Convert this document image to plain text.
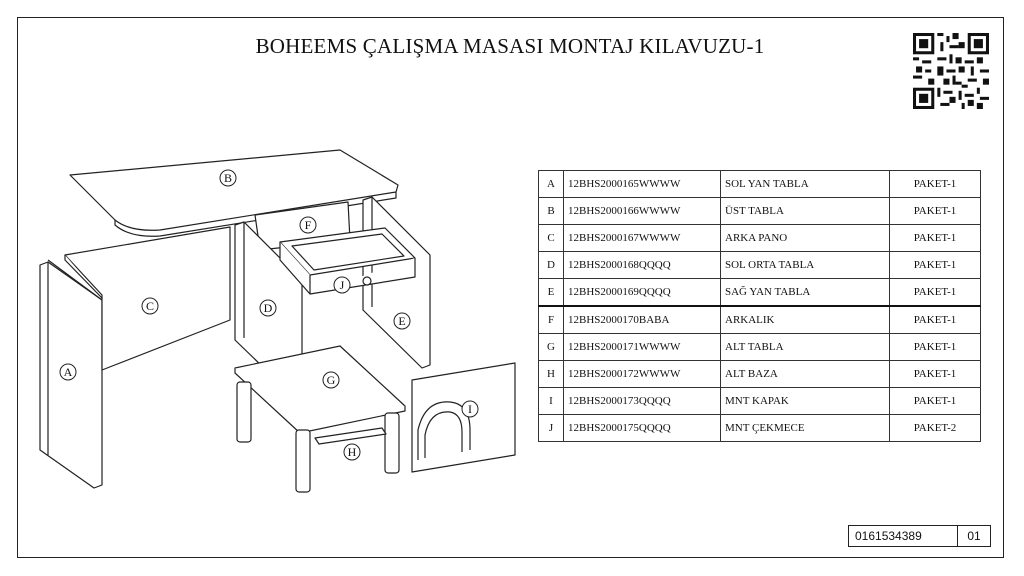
BOHEEMS ÇALIŞMA MASASI MONTAJ KILAVUZU-1
B
A
C	D
E
F
J
G
H
I
A	12BHS2000165WWWW	SOL YAN TABLA	PAKET-1
B	12BHS2000166WWWW	ÜST TABLA	PAKET-1
C	12BHS2000167WWWW	ARKA PANO	PAKET-1
D	12BHS2000168QQQQ	SOL ORTA TABLA	PAKET-1
E	12BHS2000169QQQQ	SAĞ YAN TABLA	PAKET-1
F	12BHS2000170BABA	ARKALIK	PAKET-1
G	12BHS2000171WWWW	ALT TABLA	PAKET-1
H	12BHS2000172WWWW	ALT BAZA	PAKET-1
I	12BHS2000173QQQQ	MNT KAPAK	PAKET-1
J	12BHS2000175QQQQ	MNT ÇEKMECE	PAKET-2
0161534389	01
